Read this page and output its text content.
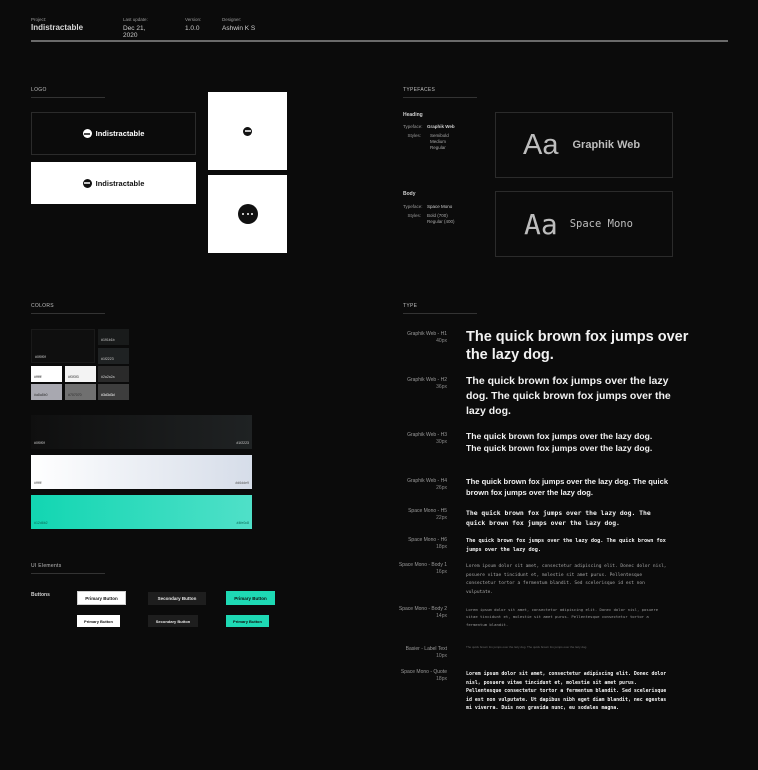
Project:
Indistractable
Last update:
Dec 21, 2020
Version:
1.0.0
Designer:
Ashwin K S
LOGO
Indistractable
Indistractable
TYPEFACES
Heading
Typeface: Graphik Web
Styles: Semibold
Medium
Regular	Aa Graphik Web
Body
Typeface: Space Mono
Styles: Bold (700)
Regular (400) Aa Space Mono
COLORS
#0f0f0f
#191b1b
#1f2223
#2a2a2a
#3d3d3d
#ffffff	#f3f3f3
#a8a8b0	#707070
#0f0f0f	#1f2223
#ffffff	#d6dde9
#12d6b2	#4fe0c8
UI Elements
Buttons	Primary Button	Secondary Button	Primary Button
Primary Button	Secondary Button	Primary Button
TYPE
Graphik Web - H1
40px The quick brown fox jumps over the lazy dog.
Graphik Web - H2
36px
The quick brown fox jumps over the lazy dog. The quick brown fox jumps over the lazy dog.
Graphik Web - H3
30px
The quick brown fox jumps over the lazy dog. The quick brown fox jumps over the lazy dog.
Graphik Web - H4
26px
The quick brown fox jumps over the lazy dog. The quick brown fox jumps over the lazy dog.
Space Mono - H5
22px
The quick brown fox jumps over the lazy dog. The quick brown fox jumps over the lazy dog.
Space Mono - H6
18px
The quick brown fox jumps over the lazy dog. The quick brown fox jumps over the lazy dog.
Space Mono - Body 1
16px
Lorem ipsum dolor sit amet, consectetur adipiscing elit. Donec dolor nisl, posuere vitae tincidunt et, molestie sit amet purus. Pellentesque consectetur tortor a fermentum blandit. Sed scelerisque id est non vulputate.
Space Mono - Body 2
14px
Lorem ipsum dolor sit amet, consectetur adipiscing elit. Donec dolor nisl, posuere vitae tincidunt et, molestie sit amet purus. Pellentesque consectetur tortor a fermentum blandit.
Basier - Label Text
10px
The quick brown fox jumps over the lazy dog. The quick brown fox jumps over the lazy dog.
Space Mono - Quote
18px
Lorem ipsum dolor sit amet, consectetur adipiscing elit. Donec dolor nisl, posuere vitae tincidunt et, molestie sit amet purus. Pellentesque consectetur tortor a fermentum blandit. Sed scelerisque id est non vulputate. Ut dapibus nibh eget diam blandit, nec egestas mi viverra. Duis non gravida nunc, eu sodales magna.
